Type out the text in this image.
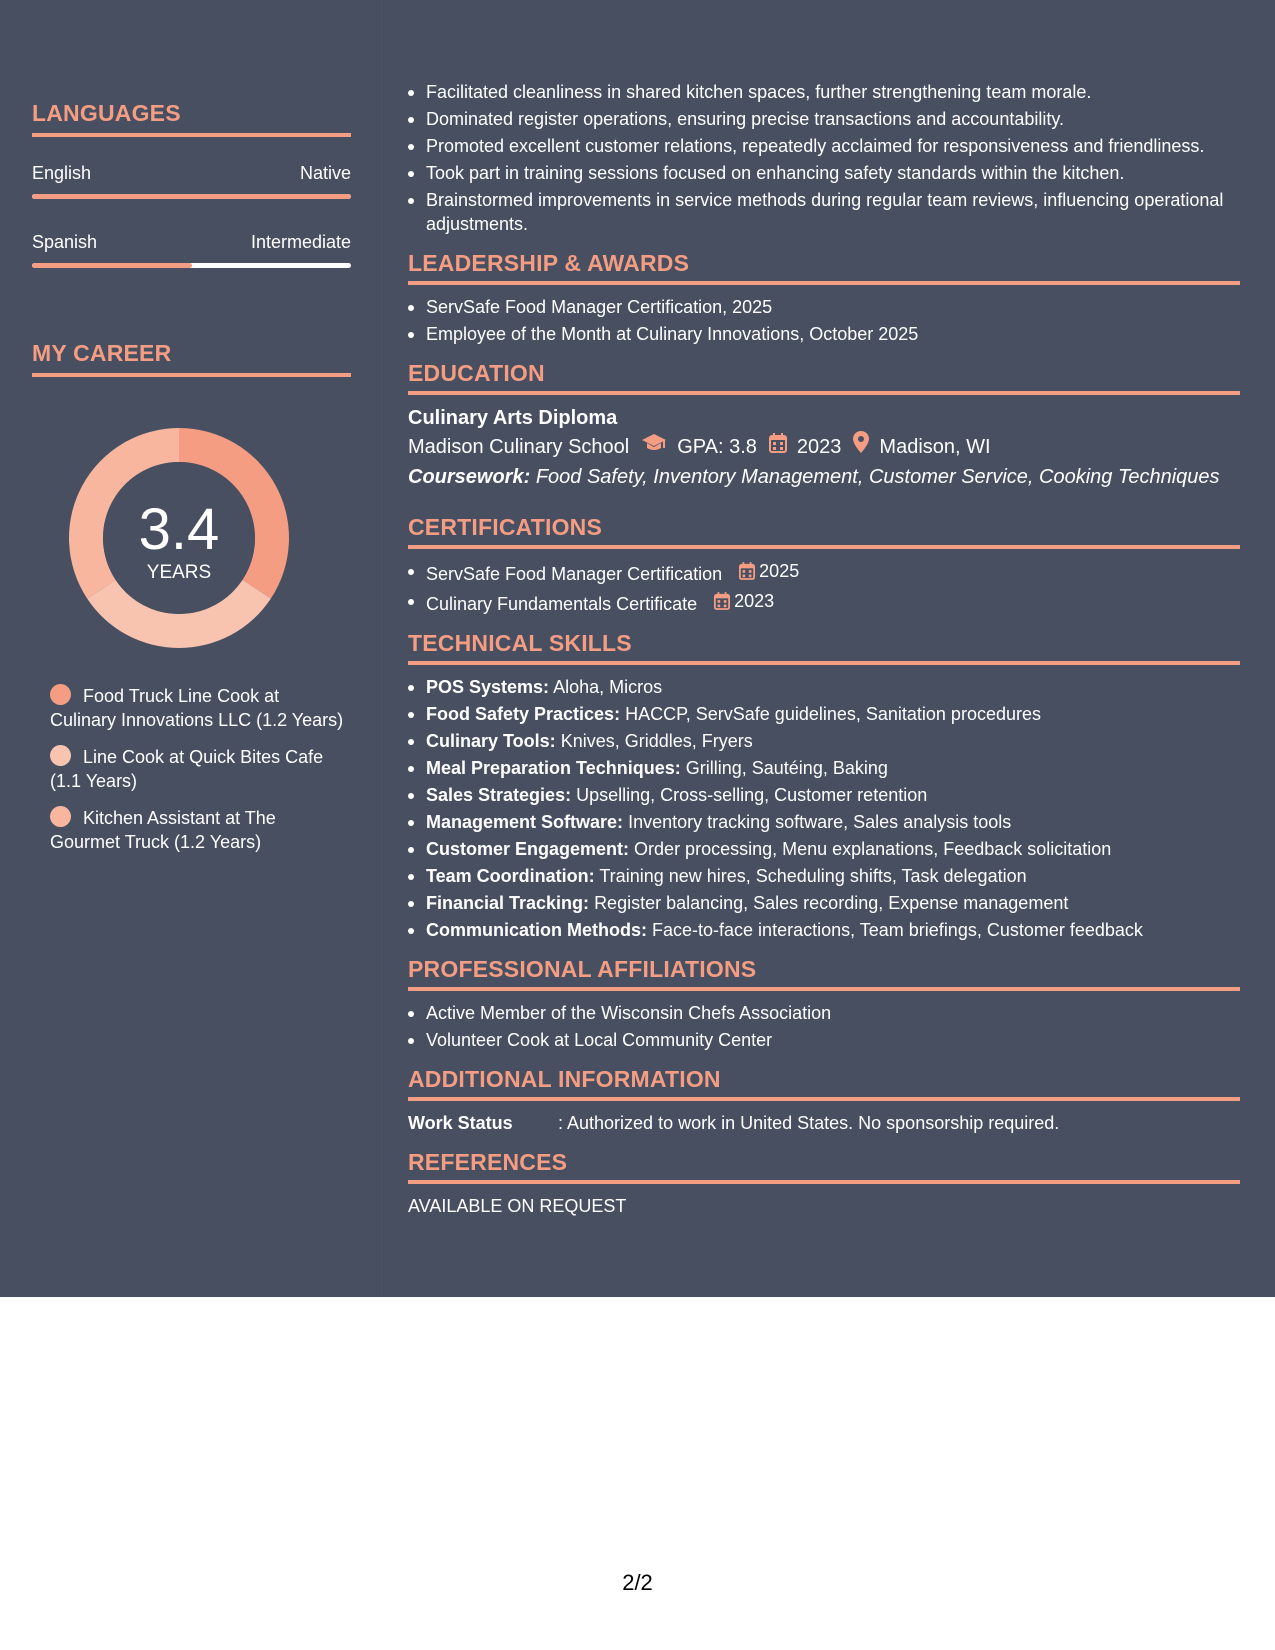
LANGUAGES
English	Native
Spanish	Intermediate
MY CAREER
3.4
YEARS
Food Truck Line Cook at Culinary Innovations LLC (1.2 Years)
Line Cook at Quick Bites Cafe (1.1 Years)
Kitchen Assistant at The Gourmet Truck (1.2 Years)
Facilitated cleanliness in shared kitchen spaces, further strengthening team morale.
Dominated register operations, ensuring precise transactions and accountability.
Promoted excellent customer relations, repeatedly acclaimed for responsiveness and friendliness.
Took part in training sessions focused on enhancing safety standards within the kitchen.
Brainstormed improvements in service methods during regular team reviews, influencing operational adjustments.
LEADERSHIP & AWARDS
ServSafe Food Manager Certification, 2025
Employee of the Month at Culinary Innovations, October 2025
EDUCATION
Culinary Arts Diploma
Madison Culinary School GPA: 3.8 2023 Madison, WI
Coursework: Food Safety, Inventory Management, Customer Service, Cooking Techniques
CERTIFICATIONS
ServSafe Food Manager Certification 2025
Culinary Fundamentals Certificate 2023
TECHNICAL SKILLS
POS Systems: Aloha, Micros
Food Safety Practices: HACCP, ServSafe guidelines, Sanitation procedures
Culinary Tools: Knives, Griddles, Fryers
Meal Preparation Techniques: Grilling, Sautéing, Baking
Sales Strategies: Upselling, Cross-selling, Customer retention
Management Software: Inventory tracking software, Sales analysis tools
Customer Engagement: Order processing, Menu explanations, Feedback solicitation
Team Coordination: Training new hires, Scheduling shifts, Task delegation
Financial Tracking: Register balancing, Sales recording, Expense management
Communication Methods: Face-to-face interactions, Team briefings, Customer feedback
PROFESSIONAL AFFILIATIONS
Active Member of the Wisconsin Chefs Association
Volunteer Cook at Local Community Center
ADDITIONAL INFORMATION
Work Status	: Authorized to work in United States. No sponsorship required.
REFERENCES
AVAILABLE ON REQUEST
2/2
